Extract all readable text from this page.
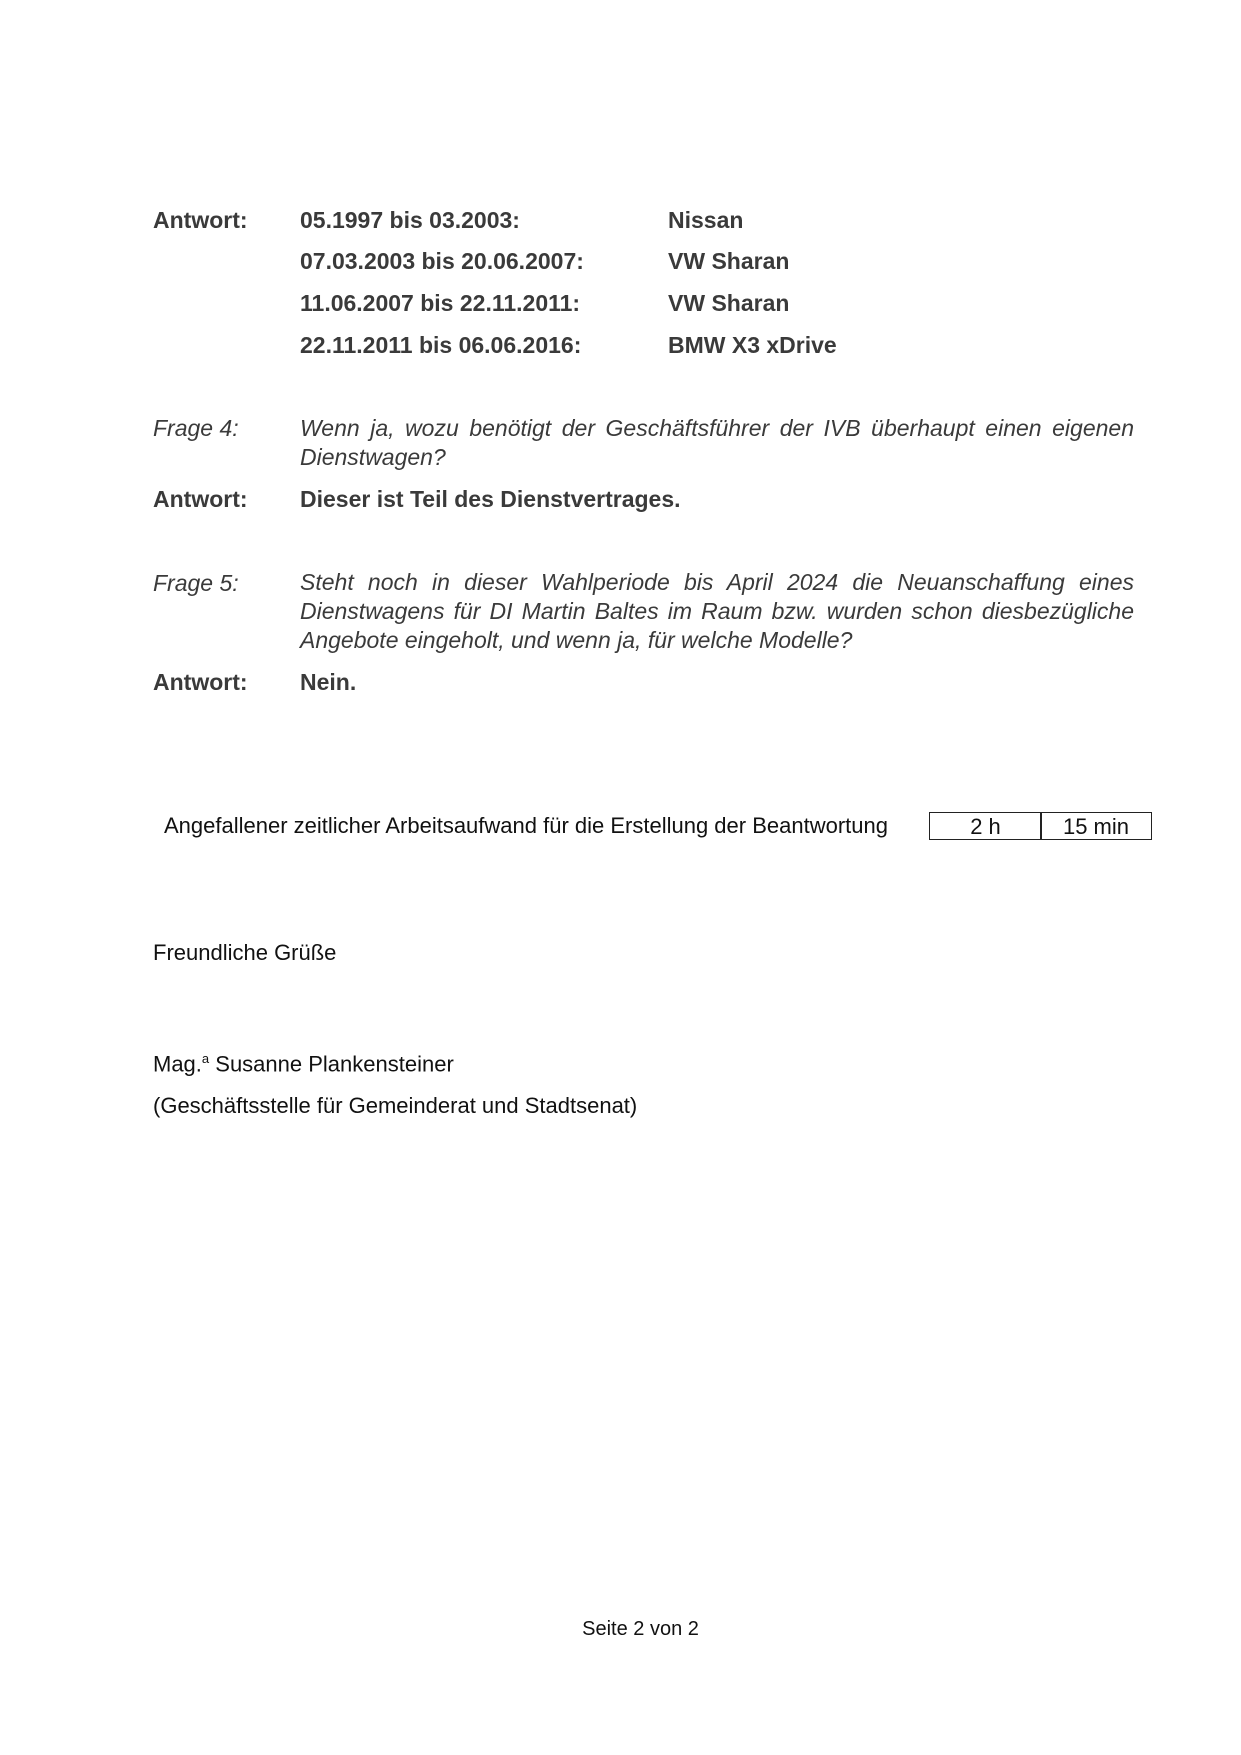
Antwort: 05.1997 bis 03.2003:	Nissan
07.03.2003 bis 20.06.2007:	VW Sharan
11.06.2007 bis 22.11.2011:	VW Sharan
22.11.2011 bis 06.06.2016:	BMW X3 xDrive
Frage 4:	Wenn ja, wozu benötigt der Geschäftsführer der IVB überhaupt einen eigenen Dienstwagen?
Antwort: Dieser ist Teil des Dienstvertrages.
Frage 5:	Steht noch in dieser Wahlperiode bis April 2024 die Neuanschaffung eines Dienstwagens für DI Martin Baltes im Raum bzw. wurden schon diesbezügliche Angebote eingeholt, und wenn ja, für welche Modelle?
Antwort: Nein.
Angefallener zeitlicher Arbeitsaufwand für die Erstellung der Beantwortung	2 h	15 min
Freundliche Grüße
Mag.$^a$ Susanne Plankensteiner
(Geschäftsstelle für Gemeinderat und Stadtsenat)
Seite 2 von 2
